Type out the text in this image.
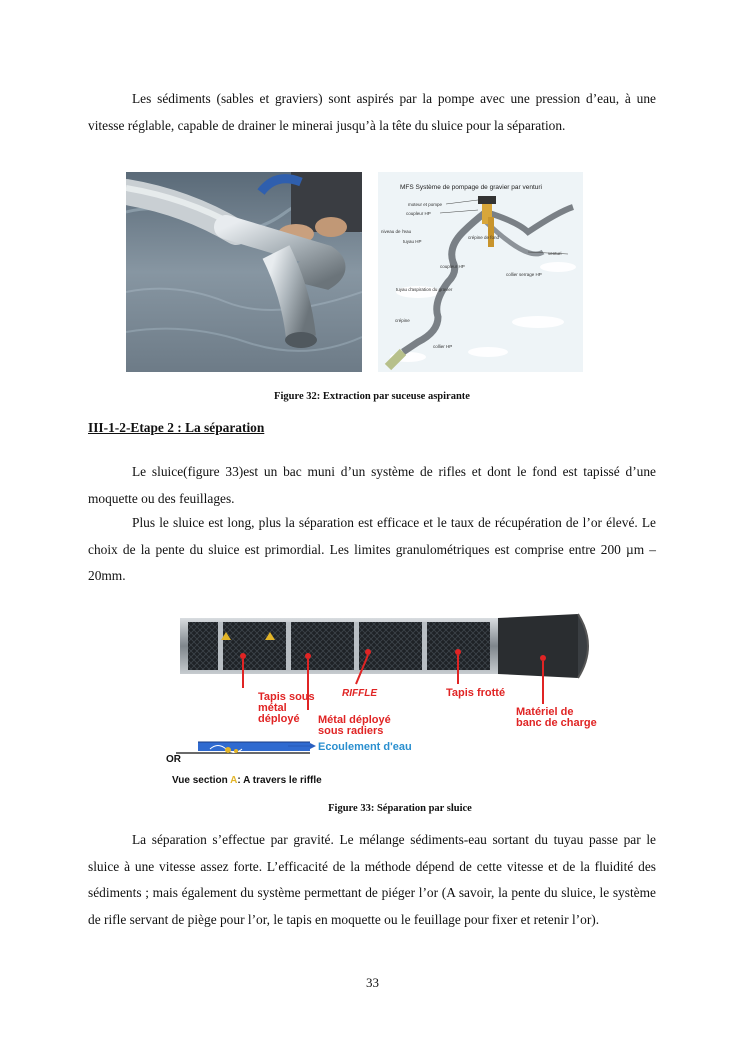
Les sédiments (sables et graviers) sont aspirés par la pompe avec une pression d’eau, à une vitesse réglable, capable de drainer le minerai jusqu’à la tête du sluice pour la séparation.

MFS Système de pompage de gravier par venturi
moteur et pompe
coupleur HP
niveau de l'eau
tuyau HP
crépine de fond
venturi
coupleur HP
collier serrage HP
tuyau d'aspiration du gravier
crépine
collier HP
Figure 32: Extraction par suceuse aspirante
III-1-2-Etape 2 : La séparation

Le sluice(figure 33)est un bac muni d’un système de rifles et dont le fond est tapissé d’une moquette ou des feuillages.

Plus le sluice est long, plus la séparation est efficace et le taux de récupération de l’or élevé. Le choix de la pente du sluice est primordial. Les limites granulométriques est comprise entre 200 µm – 20mm.

Tapis sous
métal
déployé
RIFFLE	Tapis frotté
Métal déployé
sous radiers
Matériel de
banc de charge
OR
Ecoulement d'eau
Vue section A: A travers le riffle
Figure 33: Séparation par sluice

La séparation s’effectue par gravité. Le mélange sédiments-eau sortant du tuyau passe par le sluice à une vitesse assez forte. L’efficacité de la méthode dépend de cette vitesse et de la fluidité des sédiments ; mais également du système permettant de piéger l’or (A savoir, la pente du sluice, le système de rifle servant de piège pour l’or, le tapis en moquette ou le feuillage pour fixer et retenir l’or).

33
